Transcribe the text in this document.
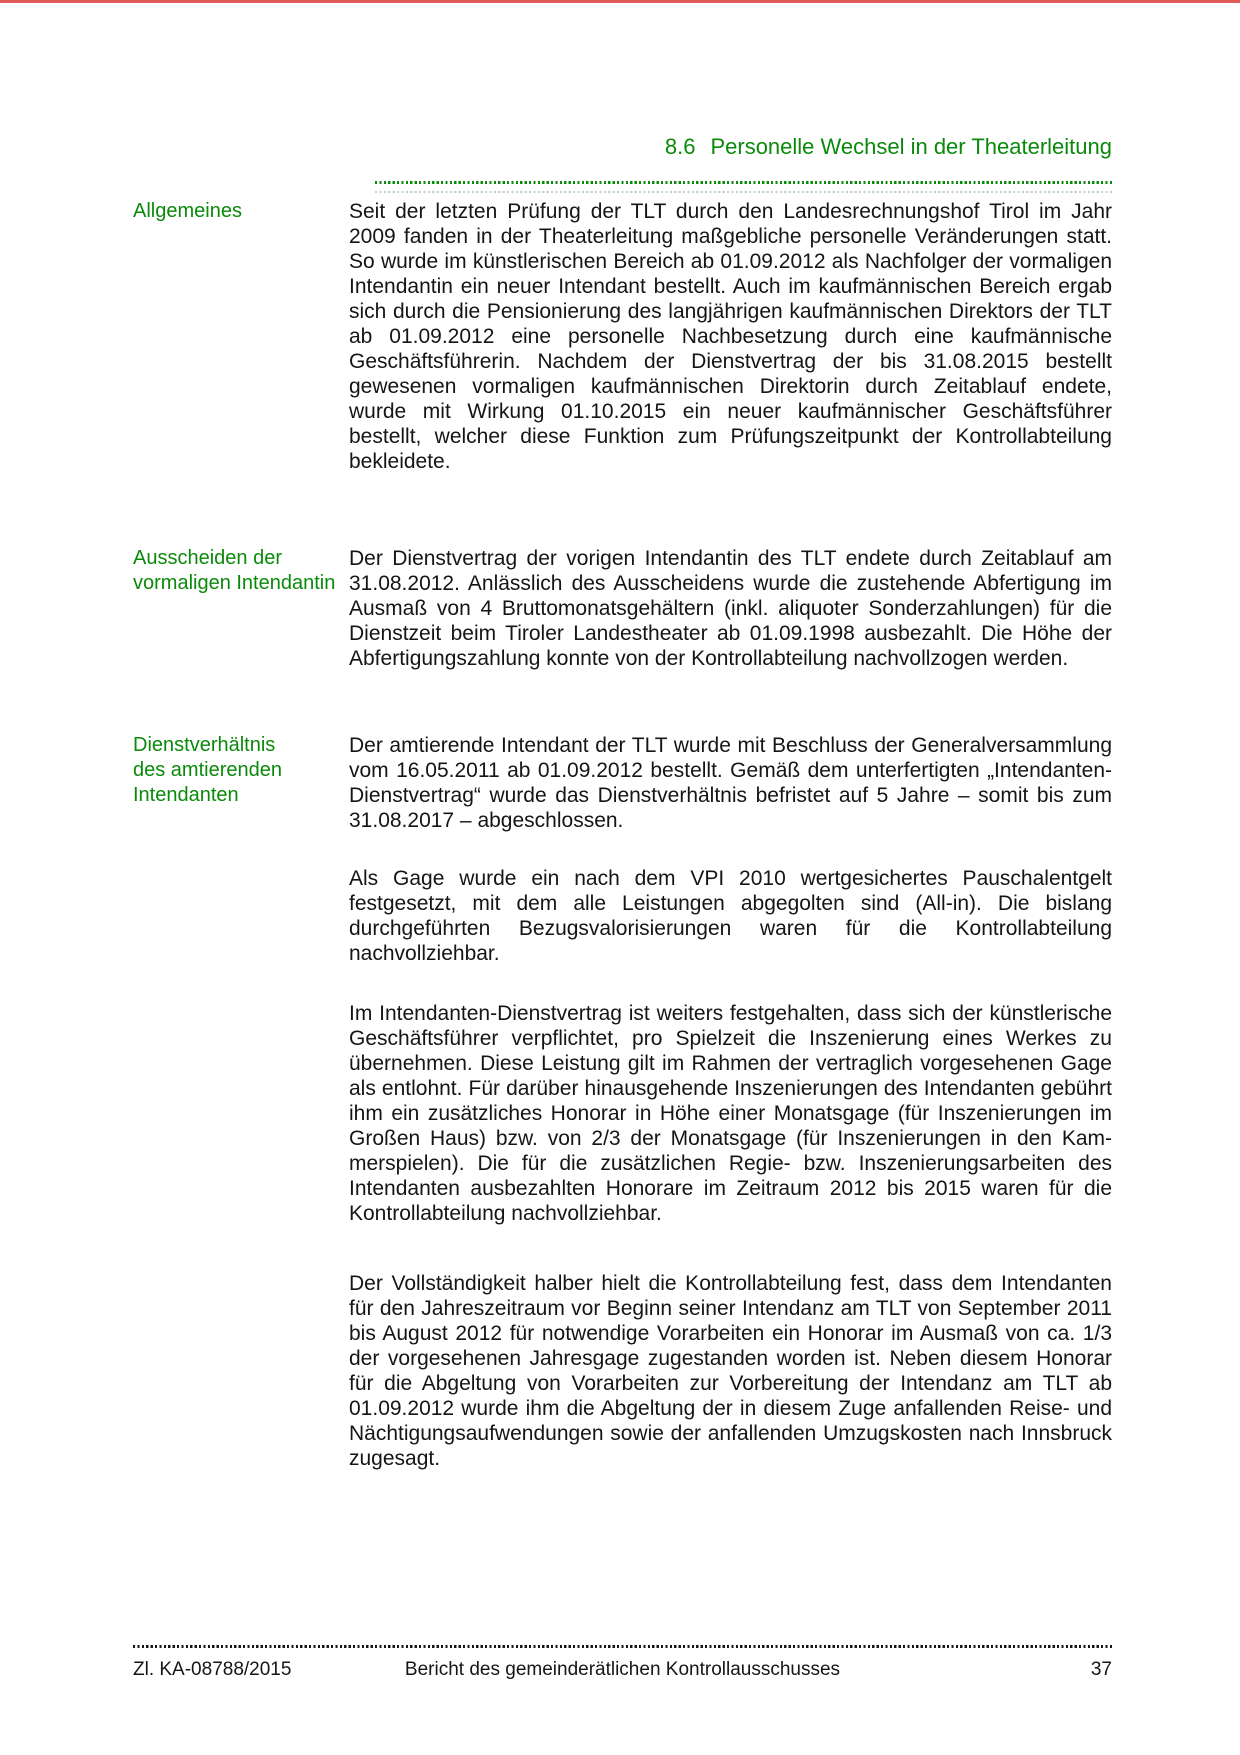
8.6 Personelle Wechsel in der Theaterleitung
Allgemeines	Seit der letzten Prüfung der TLT durch den Landesrechnungshof Tirol im Jahr 2009 fanden in der Theaterleitung maßgebliche personelle Veränderungen statt. So wurde im künstlerischen Bereich ab 01.09.2012 als Nachfolger der vormaligen Intendantin ein neuer Intendant bestellt. Auch im kaufmännischen Bereich ergab sich durch die Pensionierung des langjährigen kaufmännischen Direktors der TLT ab 01.09.2012 eine personelle Nachbesetzung durch eine kaufmännische Geschäftsführerin. Nachdem der Dienstvertrag der bis 31.08.2015 bestellt gewesenen vormaligen kaufmännischen Direktorin durch Zeitablauf endete, wurde mit Wirkung 01.10.2015 ein neuer kaufmännischer Geschäftsführer bestellt, welcher diese Funktion zum Prüfungszeitpunkt der Kontrollabteilung bekleidete.

Ausscheiden der
vormaligen Intendantin

Der Dienstvertrag der vorigen Intendantin des TLT endete durch Zeitablauf am 31.08.2012. Anlässlich des Ausscheidens wurde die zustehende Abfertigung im Ausmaß von 4 Bruttomonatsgehältern (inkl. aliquoter Sonderzahlungen) für die Dienstzeit beim Tiroler Landestheater ab 01.09.1998 ausbezahlt. Die Höhe der Abfertigungszahlung konnte von der Kontrollabteilung nachvollzogen werden.

Dienstverhältnis
des amtierenden
Intendanten

Der amtierende Intendant der TLT wurde mit Beschluss der Generalversammlung vom 16.05.2011 ab 01.09.2012 bestellt. Gemäß dem unterfertigten „Intendanten-Dienstvertrag“ wurde das Dienstverhältnis befristet auf 5 Jahre – somit bis zum 31.08.2017 – abgeschlossen.

Als Gage wurde ein nach dem VPI 2010 wertgesichertes Pauschalentgelt festgesetzt, mit dem alle Leistungen abgegolten sind (All-in). Die bislang durchgeführten Bezugsvalorisierungen waren für die Kontrollabteilung nachvollziehbar.

Im Intendanten-Dienstvertrag ist weiters festgehalten, dass sich der künstlerische Geschäftsführer verpflichtet, pro Spielzeit die Inszenierung eines Werkes zu übernehmen. Diese Leistung gilt im Rahmen der vertraglich vorgesehenen Gage als entlohnt. Für darüber hinausgehende Inszenierungen des Intendanten gebührt ihm ein zusätzliches Honorar in Höhe einer Monatsgage (für Inszenierungen im Großen Haus) bzw. von 2/3 der Monatsgage (für Inszenierungen in den Kammerspielen). Die für die zusätzlichen Regie- bzw. Inszenierungsarbeiten des Intendanten ausbezahlten Honorare im Zeitraum 2012 bis 2015 waren für die Kontrollabteilung nachvollziehbar.

Der Vollständigkeit halber hielt die Kontrollabteilung fest, dass dem Intendanten für den Jahreszeitraum vor Beginn seiner Intendanz am TLT von September 2011 bis August 2012 für notwendige Vorarbeiten ein Honorar im Ausmaß von ca. 1/3 der vorgesehenen Jahresgage zugestanden worden ist. Neben diesem Honorar für die Abgeltung von Vorarbeiten zur Vorbereitung der Intendanz am TLT ab 01.09.2012 wurde ihm die Abgeltung der in diesem Zuge anfallenden Reise- und Nächtigungsaufwendungen sowie der anfallenden Umzugskosten nach Innsbruck zugesagt.

Zl. KA-08788/2015	Bericht des gemeinderätlichen Kontrollausschusses	37
